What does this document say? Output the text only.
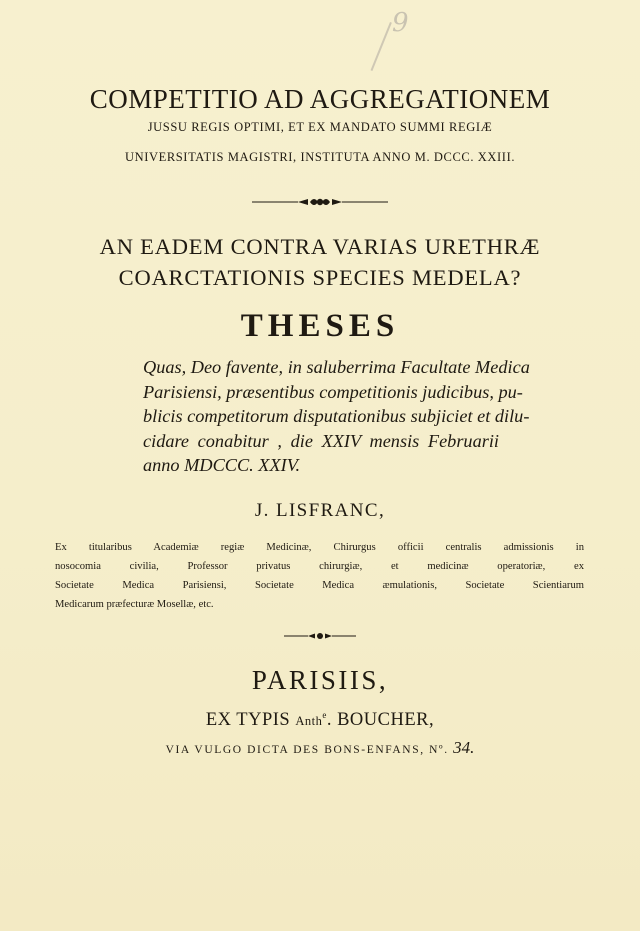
9
COMPETITIO AD AGGREGATIONEM
JUSSU REGIS OPTIMI, ET EX MANDATO SUMMI REGIÆ
UNIVERSITATIS MAGISTRI, INSTITUTA ANNO M. DCCC. XXIII.
AN EADEM CONTRA VARIAS URETHRÆ
COARCTATIONIS SPECIES MEDELA?
THESES
Quas, Deo favente, in saluberrima Facultate Medica
Parisiensi, præsentibus competitionis judicibus, pu-
blicis competitorum disputationibus subjiciet et dilu-
cidare conabitur , die XXIV mensis Februarii
anno MDCCC. XXIV.
J. LISFRANC,
Ex titularibus Academiæ regiæ Medicinæ, Chirurgus officii centralis admissionis in
nosocomia civilia, Professor privatus chirurgiæ, et medicinæ operatoriæ, ex
Societate Medica Parisiensi, Societate Medica æmulationis, Societate Scientiarum
Medicarum præfecturæ Mosellæ, etc.
PARISIIS,
EX TYPIS Anth$^e$. BOUCHER,
VIA VULGO DICTA DES BONS-ENFANS, Nº. 34.
